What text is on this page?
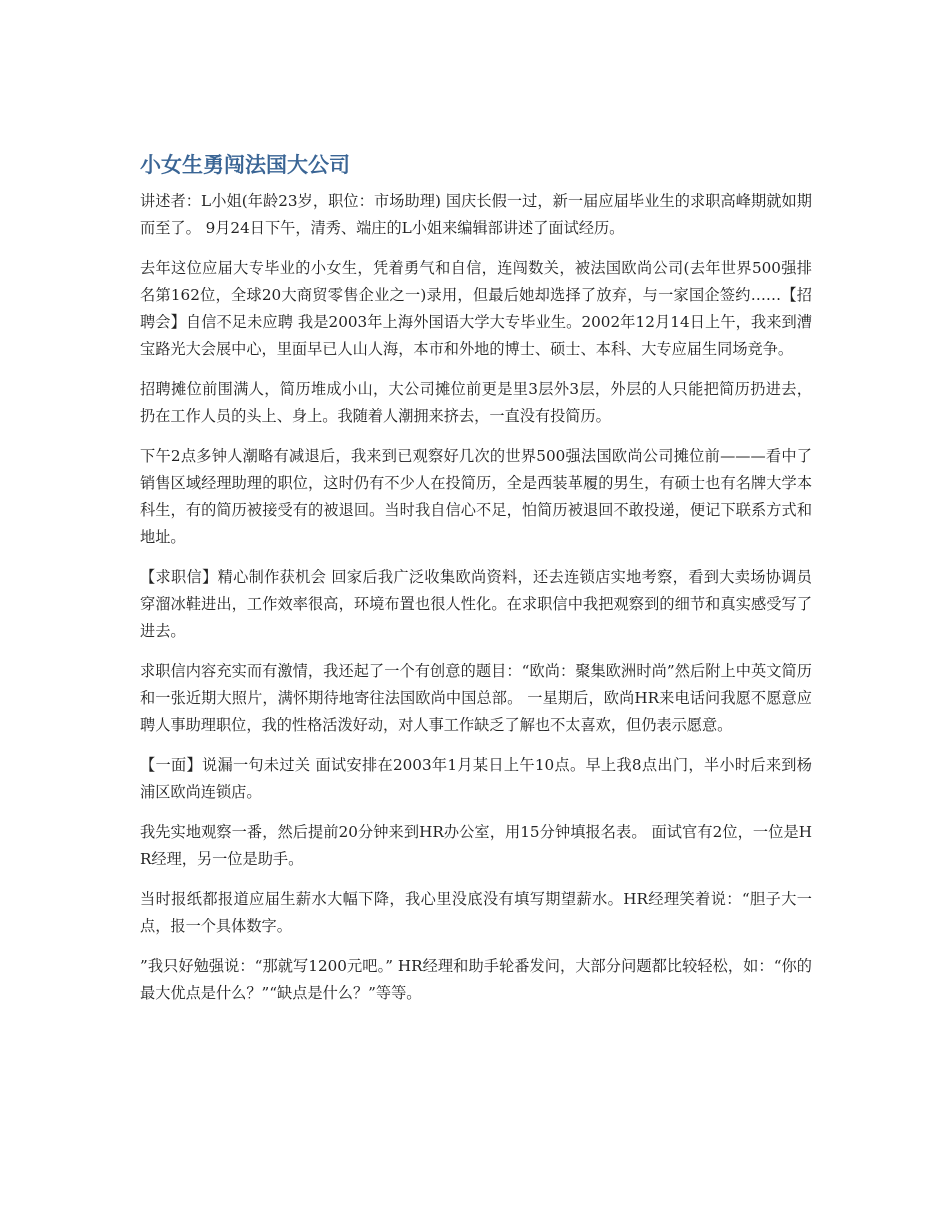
小女生勇闯法国大公司

讲述者：L小姐(年龄23岁，职位：市场助理) 国庆长假一过，新一届应届毕业生的求职高峰期就如期而至了。 9月24日下午，清秀、端庄的L小姐来编辑部讲述了面试经历。

去年这位应届大专毕业的小女生，凭着勇气和自信，连闯数关，被法国欧尚公司(去年世界500强排名第162位，全球20大商贸零售企业之一)录用，但最后她却选择了放弃，与一家国企签约……【招聘会】自信不足未应聘 我是2003年上海外国语大学大专毕业生。2002年12月14日上午，我来到漕宝路光大会展中心，里面早已人山人海，本市和外地的博士、硕士、本科、大专应届生同场竞争。

招聘摊位前围满人，简历堆成小山，大公司摊位前更是里3层外3层，外层的人只能把简历扔进去，扔在工作人员的头上、身上。我随着人潮拥来挤去，一直没有投简历。

下午2点多钟人潮略有减退后，我来到已观察好几次的世界500强法国欧尚公司摊位前———看中了销售区域经理助理的职位，这时仍有不少人在投简历，全是西装革履的男生，有硕士也有名牌大学本科生，有的简历被接受有的被退回。当时我自信心不足，怕简历被退回不敢投递，便记下联系方式和地址。

【求职信】精心制作获机会 回家后我广泛收集欧尚资料，还去连锁店实地考察，看到大卖场协调员穿溜冰鞋进出，工作效率很高，环境布置也很人性化。在求职信中我把观察到的细节和真实感受写了进去。

求职信内容充实而有激情，我还起了一个有创意的题目：“欧尚：聚集欧洲时尚”然后附上中英文简历和一张近期大照片，满怀期待地寄往法国欧尚中国总部。 一星期后，欧尚HR来电话问我愿不愿意应聘人事助理职位，我的性格活泼好动，对人事工作缺乏了解也不太喜欢，但仍表示愿意。

【一面】说漏一句未过关 面试安排在2003年1月某日上午10点。早上我8点出门，半小时后来到杨浦区欧尚连锁店。

我先实地观察一番，然后提前20分钟来到HR办公室，用15分钟填报名表。 面试官有2位，一位是HR经理，另一位是助手。

当时报纸都报道应届生薪水大幅下降，我心里没底没有填写期望薪水。HR经理笑着说：“胆子大一点，报一个具体数字。

”我只好勉强说：“那就写1200元吧。” HR经理和助手轮番发问，大部分问题都比较轻松，如：“你的最大优点是什么？”“缺点是什么？”等等。
